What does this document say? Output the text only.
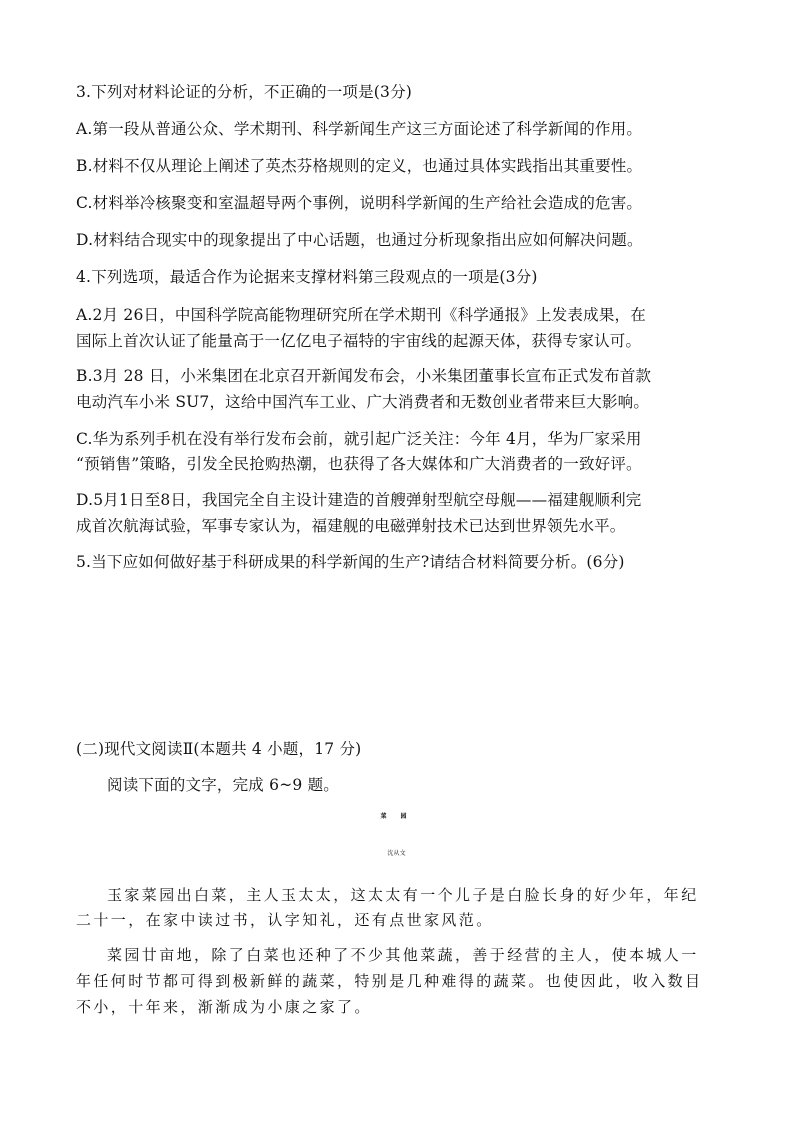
3.下列对材料论证的分析，不正确的一项是(3分)
A.第一段从普通公众、学术期刊、科学新闻生产这三方面论述了科学新闻的作用。
B.材料不仅从理论上阐述了英杰芬格规则的定义，也通过具体实践指出其重要性。
C.材料举冷核聚变和室温超导两个事例，说明科学新闻的生产给社会造成的危害。
D.材料结合现实中的现象提出了中心话题，也通过分析现象指出应如何解决问题。
4.下列选项，最适合作为论据来支撑材料第三段观点的一项是(3分)
A.2月 26日，中国科学院高能物理研究所在学术期刊《科学通报》上发表成果，在
国际上首次认证了能量高于一亿亿电子福特的宇宙线的起源天体，获得专家认可。
B.3月 28 日，小米集团在北京召开新闻发布会，小米集团董事长宣布正式发布首款
电动汽车小米 SU7，这给中国汽车工业、广大消费者和无数创业者带来巨大影响。
C.华为系列手机在没有举行发布会前，就引起广泛关注：今年 4月，华为厂家采用
“预销售”策略，引发全民抢购热潮，也获得了各大媒体和广大消费者的一致好评。
D.5月1日至8日，我国完全自主设计建造的首艘弹射型航空母舰——福建舰顺利完
成首次航海试验，军事专家认为，福建舰的电磁弹射技术已达到世界领先水平。
5.当下应如何做好基于科研成果的科学新闻的生产?请结合材料简要分析。(6分)
(二)现代文阅读Ⅱ(本题共 4 小题，17 分)
阅读下面的文字，完成 6~9 题。
菜 园
沈从文
玉家菜园出白菜，主人玉太太，这太太有一个儿子是白脸长身的好少年，年纪
二十一，在家中读过书，认字知礼，还有点世家风范。
菜园廿亩地，除了白菜也还种了不少其他菜蔬，善于经营的主人，使本城人一
年任何时节都可得到极新鲜的蔬菜，特别是几种难得的蔬菜。也使因此，收入数目
不小，十年来，渐渐成为小康之家了。
